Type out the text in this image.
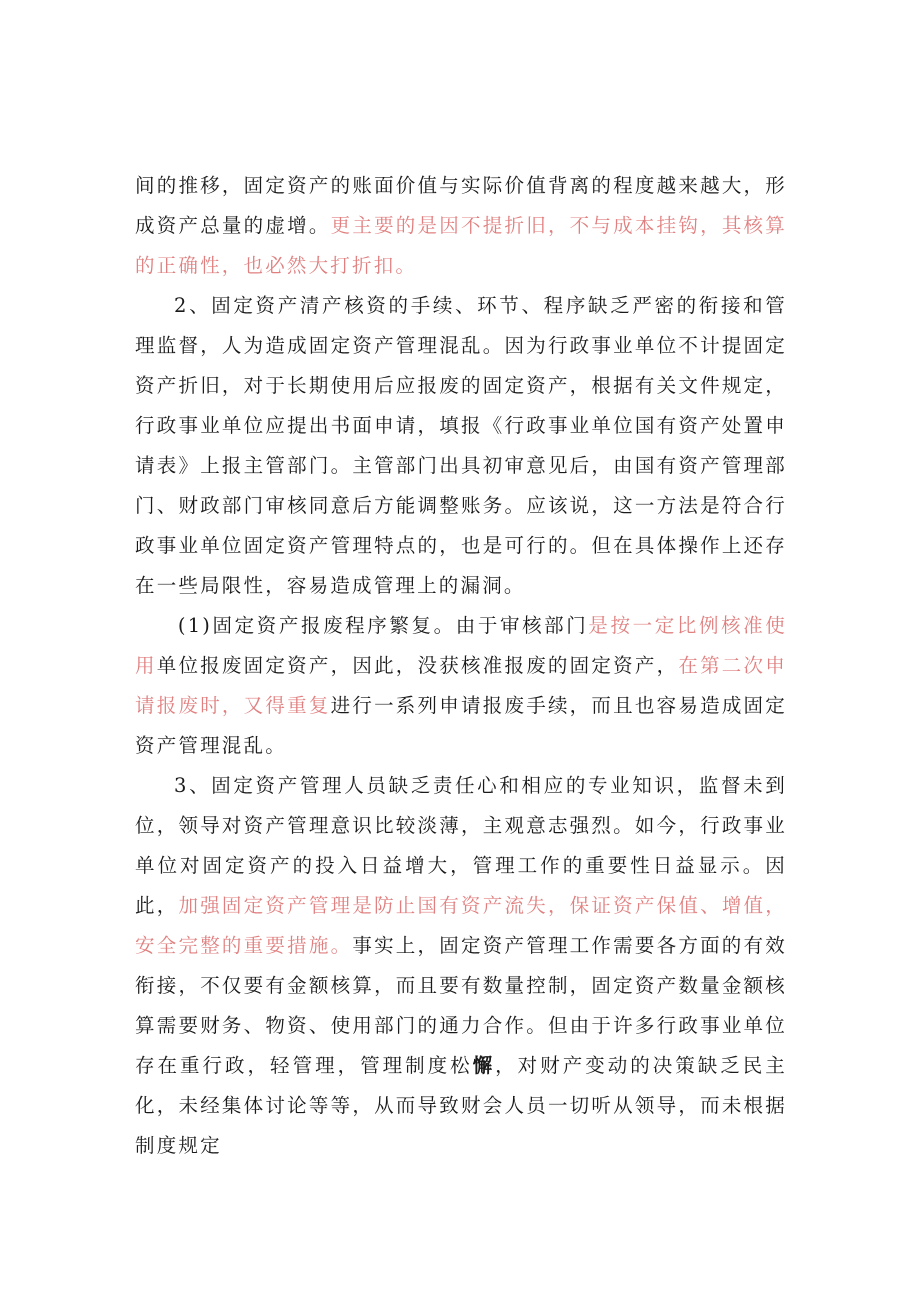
间的推移，固定资产的账面价值与实际价值背离的程度越来越大，形成资产总量的虚增。更主要的是因不提折旧，不与成本挂钩，其核算的正确性，也必然大打折扣。

2、固定资产清产核资的手续、环节、程序缺乏严密的衔接和管理监督，人为造成固定资产管理混乱。因为行政事业单位不计提固定资产折旧，对于长期使用后应报废的固定资产，根据有关文件规定，行政事业单位应提出书面申请，填报《行政事业单位国有资产处置申请表》上报主管部门。主管部门出具初审意见后，由国有资产管理部门、财政部门审核同意后方能调整账务。应该说，这一方法是符合行政事业单位固定资产管理特点的，也是可行的。但在具体操作上还存在一些局限性，容易造成管理上的漏洞。

(1)固定资产报废程序繁复。由于审核部门是按一定比例核准使用单位报废固定资产，因此，没获核准报废的固定资产，在第二次申请报废时，又得重复进行一系列申请报废手续，而且也容易造成固定资产管理混乱。

3、固定资产管理人员缺乏责任心和相应的专业知识，监督未到位，领导对资产管理意识比较淡薄，主观意志强烈。如今，行政事业单位对固定资产的投入日益增大，管理工作的重要性日益显示。因此，加强固定资产管理是防止国有资产流失，保证资产保值、增值，安全完整的重要措施。事实上，固定资产管理工作需要各方面的有效衔接，不仅要有金额核算，而且要有数量控制，固定资产数量金额核算需要财务、物资、使用部门的通力合作。但由于许多行政事业单位存在重行政，轻管理，管理制度松懈，对财产变动的决策缺乏民主化，未经集体讨论等等，从而导致财会人员一切听从领导，而未根据制度规定
